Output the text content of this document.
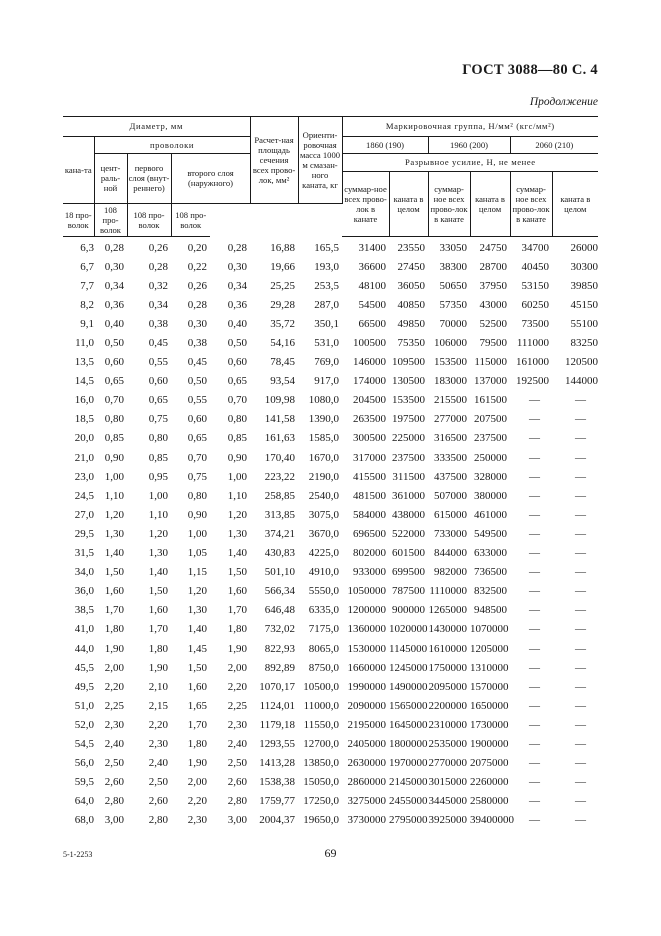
ГОСТ 3088—80 С. 4
Продолжение
Диаметр, мм				Расчет-ная площадь сечения всех прово-лок, мм²	Ориенти-ровочная масса 1000 м смазан-ного каната, кг	Маркировочная группа, Н/мм² (кгс/мм²)					
кана-та	проволоки					1860 (190)		1960 (200)		2060 (210)	
	цент-раль-ной	первого слоя (внут-реннего)	второго слоя (наружного)			Разрывное усилие, Н, не менее					
						суммар-ное всех прово-лок в канате	каната в целом	суммар-ное всех прово-лок в канате	каната в целом	суммар-ное всех прово-лок в канате	каната в целом
18 про-волок	108 про-волок	108 про-волок	108 про-волок								
6,3	0,28	0,26	0,20	0,28	16,88	165,5	31400	23550	33050	24750	34700	26000
6,7	0,30	0,28	0,22	0,30	19,66	193,0	36600	27450	38300	28700	40450	30300
7,7	0,34	0,32	0,26	0,34	25,25	253,5	48100	36050	50650	37950	53150	39850
8,2	0,36	0,34	0,28	0,36	29,28	287,0	54500	40850	57350	43000	60250	45150
9,1	0,40	0,38	0,30	0,40	35,72	350,1	66500	49850	70000	52500	73500	55100
11,0	0,50	0,45	0,38	0,50	54,16	531,0	100500	75350	106000	79500	111000	83250
13,5	0,60	0,55	0,45	0,60	78,45	769,0	146000	109500	153500	115000	161000	120500
14,5	0,65	0,60	0,50	0,65	93,54	917,0	174000	130500	183000	137000	192500	144000
16,0	0,70	0,65	0,55	0,70	109,98	1080,0	204500	153500	215500	161500	—	—
18,5	0,80	0,75	0,60	0,80	141,58	1390,0	263500	197500	277000	207500	—	—
20,0	0,85	0,80	0,65	0,85	161,63	1585,0	300500	225000	316500	237500	—	—
21,0	0,90	0,85	0,70	0,90	170,40	1670,0	317000	237500	333500	250000	—	—
23,0	1,00	0,95	0,75	1,00	223,22	2190,0	415500	311500	437500	328000	—	—
24,5	1,10	1,00	0,80	1,10	258,85	2540,0	481500	361000	507000	380000	—	—
27,0	1,20	1,10	0,90	1,20	313,85	3075,0	584000	438000	615000	461000	—	—
29,5	1,30	1,20	1,00	1,30	374,21	3670,0	696500	522000	733000	549500	—	—
31,5	1,40	1,30	1,05	1,40	430,83	4225,0	802000	601500	844000	633000	—	—
34,0	1,50	1,40	1,15	1,50	501,10	4910,0	933000	699500	982000	736500	—	—
36,0	1,60	1,50	1,20	1,60	566,34	5550,0	1050000	787500	1110000	832500	—	—
38,5	1,70	1,60	1,30	1,70	646,48	6335,0	1200000	900000	1265000	948500	—	—
41,0	1,80	1,70	1,40	1,80	732,02	7175,0	1360000	1020000	1430000	1070000	—	—
44,0	1,90	1,80	1,45	1,90	822,93	8065,0	1530000	1145000	1610000	1205000	—	—
45,5	2,00	1,90	1,50	2,00	892,89	8750,0	1660000	1245000	1750000	1310000	—	—
49,5	2,20	2,10	1,60	2,20	1070,17	10500,0	1990000	1490000	2095000	1570000	—	—
51,0	2,25	2,15	1,65	2,25	1124,01	11000,0	2090000	1565000	2200000	1650000	—	—
52,0	2,30	2,20	1,70	2,30	1179,18	11550,0	2195000	1645000	2310000	1730000	—	—
54,5	2,40	2,30	1,80	2,40	1293,55	12700,0	2405000	1800000	2535000	1900000	—	—
56,0	2,50	2,40	1,90	2,50	1413,28	13850,0	2630000	1970000	2770000	2075000	—	—
59,5	2,60	2,50	2,00	2,60	1538,38	15050,0	2860000	2145000	3015000	2260000	—	—
64,0	2,80	2,60	2,20	2,80	1759,77	17250,0	3275000	2455000	3445000	2580000	—	—
68,0	3,00	2,80	2,30	3,00	2004,37	19650,0	3730000	2795000	3925000	39400000	—	—
5-1-2253	69
